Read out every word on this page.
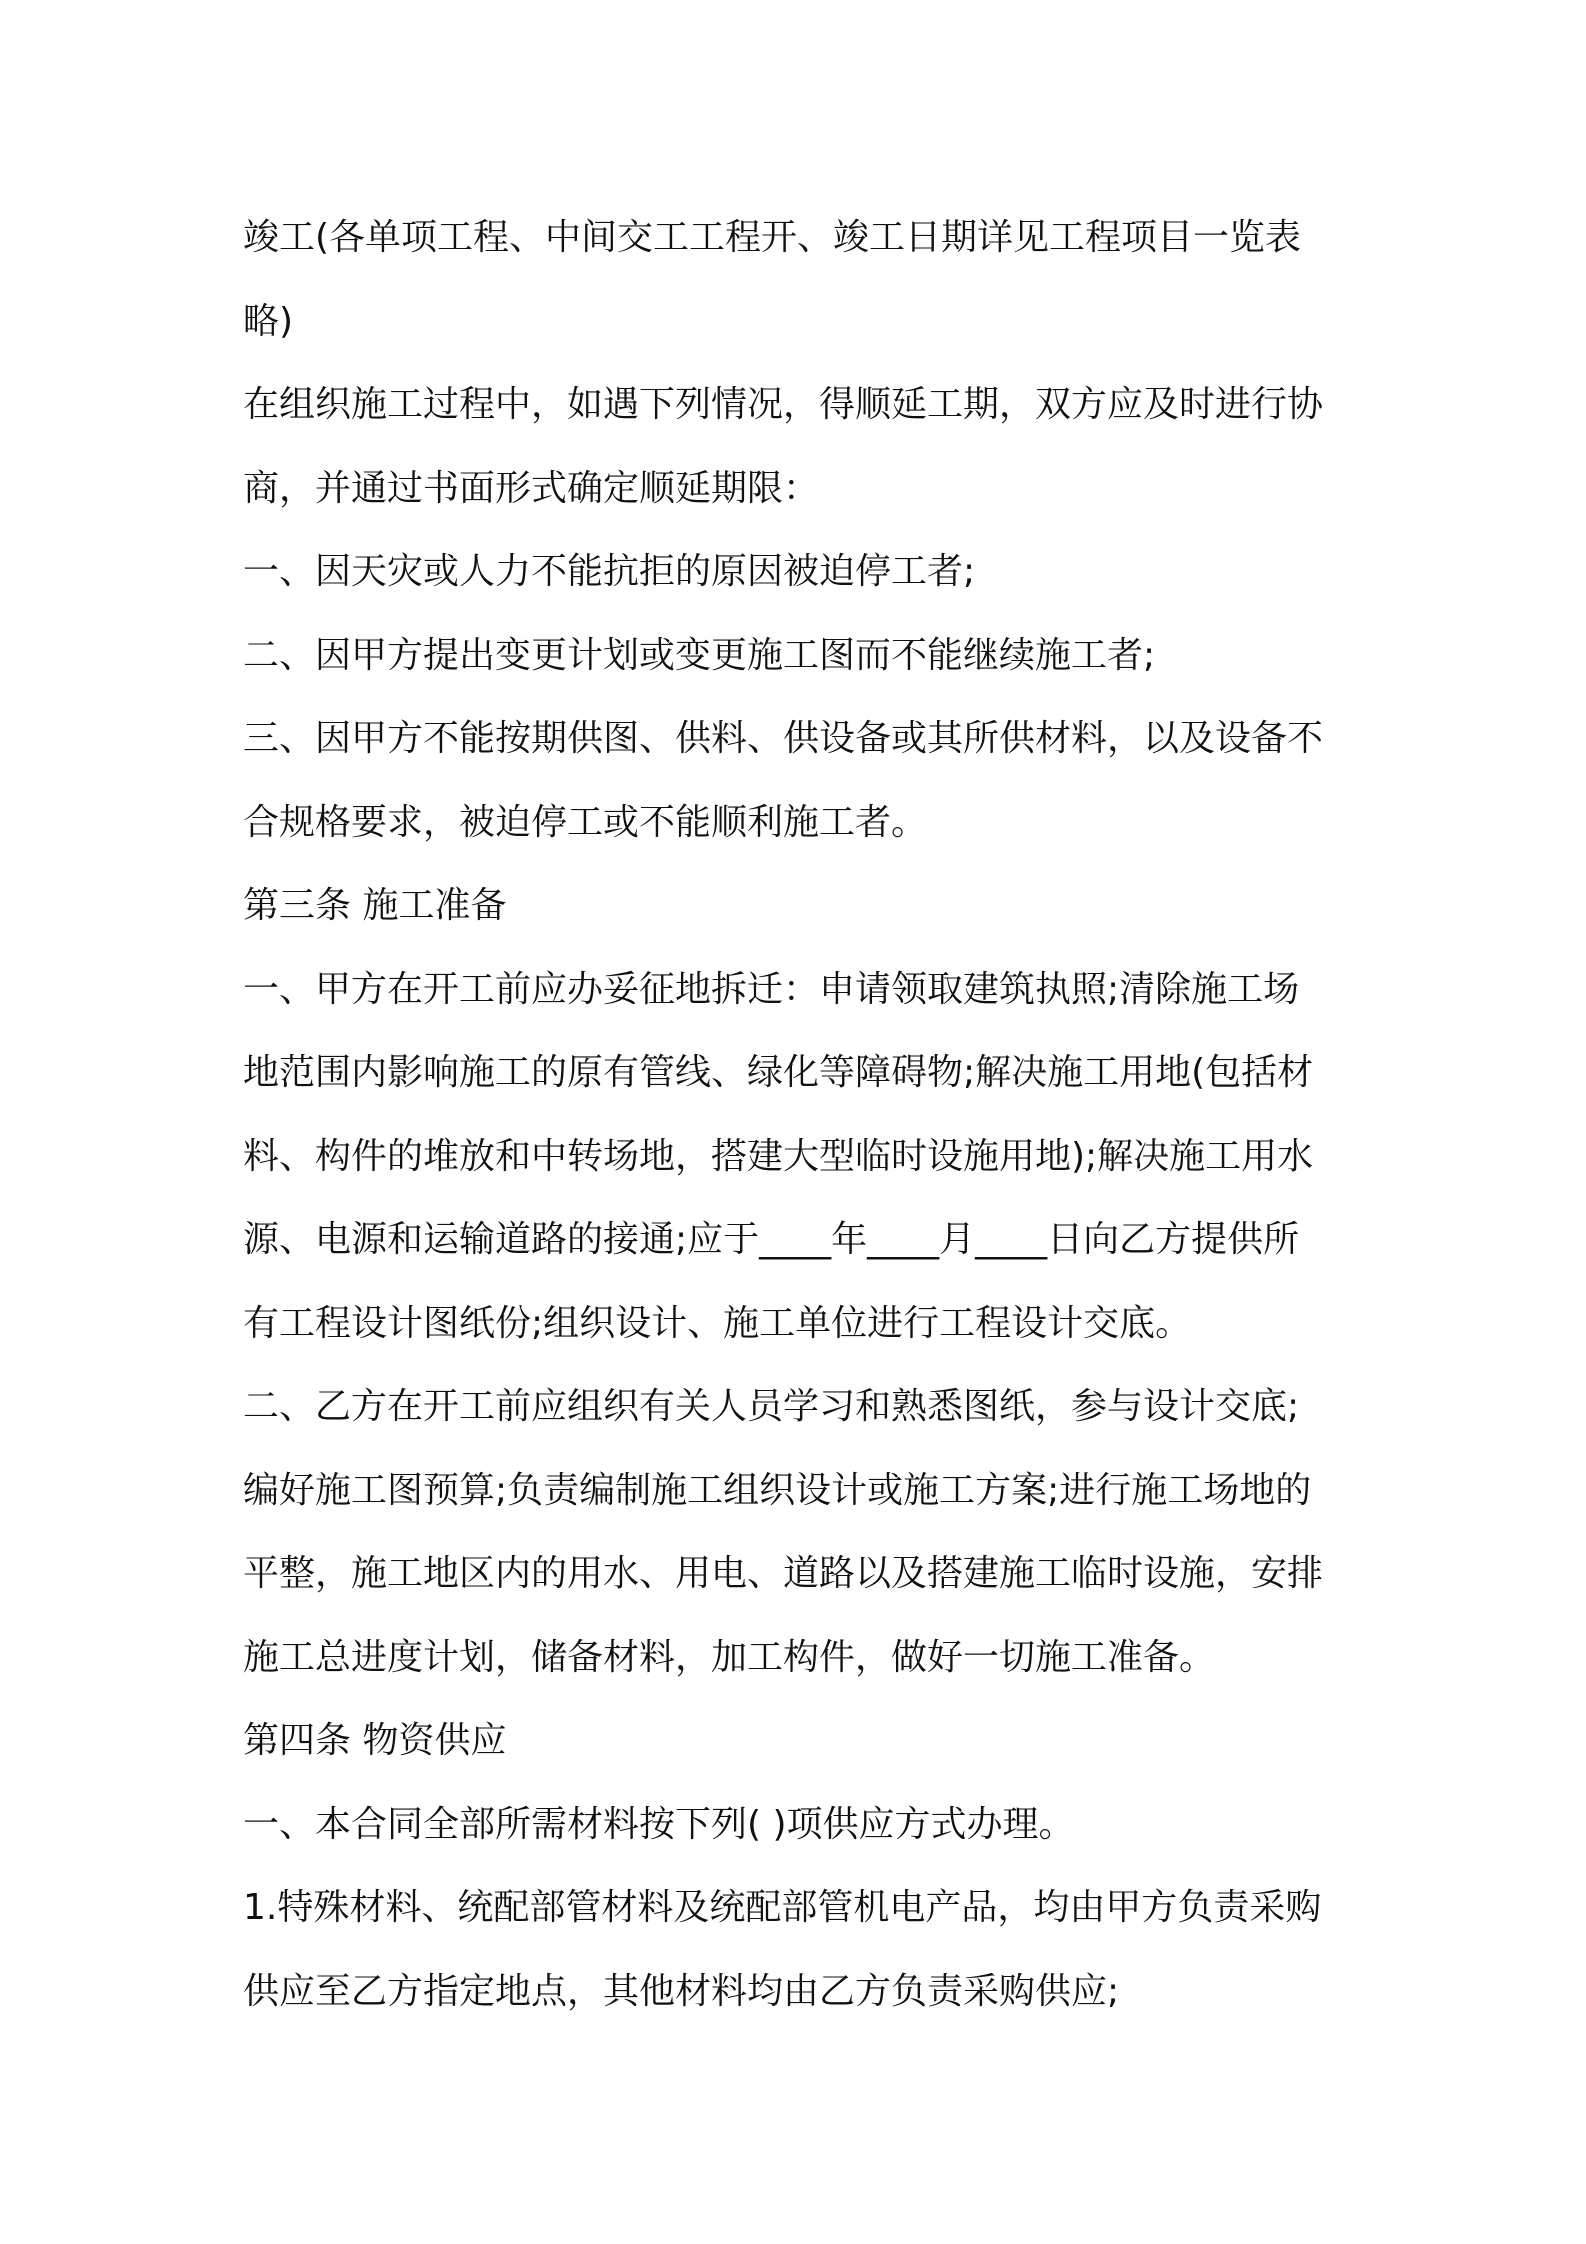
竣工(各单项工程、中间交工工程开、竣工日期详见工程项目一览表
略)
在组织施工过程中，如遇下列情况，得顺延工期，双方应及时进行协
商，并通过书面形式确定顺延期限：
一、因天灾或人力不能抗拒的原因被迫停工者;
二、因甲方提出变更计划或变更施工图而不能继续施工者;
三、因甲方不能按期供图、供料、供设备或其所供材料，以及设备不
合规格要求，被迫停工或不能顺利施工者。
第三条 施工准备
一、甲方在开工前应办妥征地拆迁：申请领取建筑执照;清除施工场
地范围内影响施工的原有管线、绿化等障碍物;解决施工用地(包括材
料、构件的堆放和中转场地，搭建大型临时设施用地);解决施工用水
源、电源和运输道路的接通;应于____年____月____日向乙方提供所
有工程设计图纸份;组织设计、施工单位进行工程设计交底。
二、乙方在开工前应组织有关人员学习和熟悉图纸，参与设计交底;
编好施工图预算;负责编制施工组织设计或施工方案;进行施工场地的
平整，施工地区内的用水、用电、道路以及搭建施工临时设施，安排
施工总进度计划，储备材料，加工构件，做好一切施工准备。
第四条 物资供应
一、本合同全部所需材料按下列( )项供应方式办理。
1.特殊材料、统配部管材料及统配部管机电产品，均由甲方负责采购
供应至乙方指定地点，其他材料均由乙方负责采购供应;
